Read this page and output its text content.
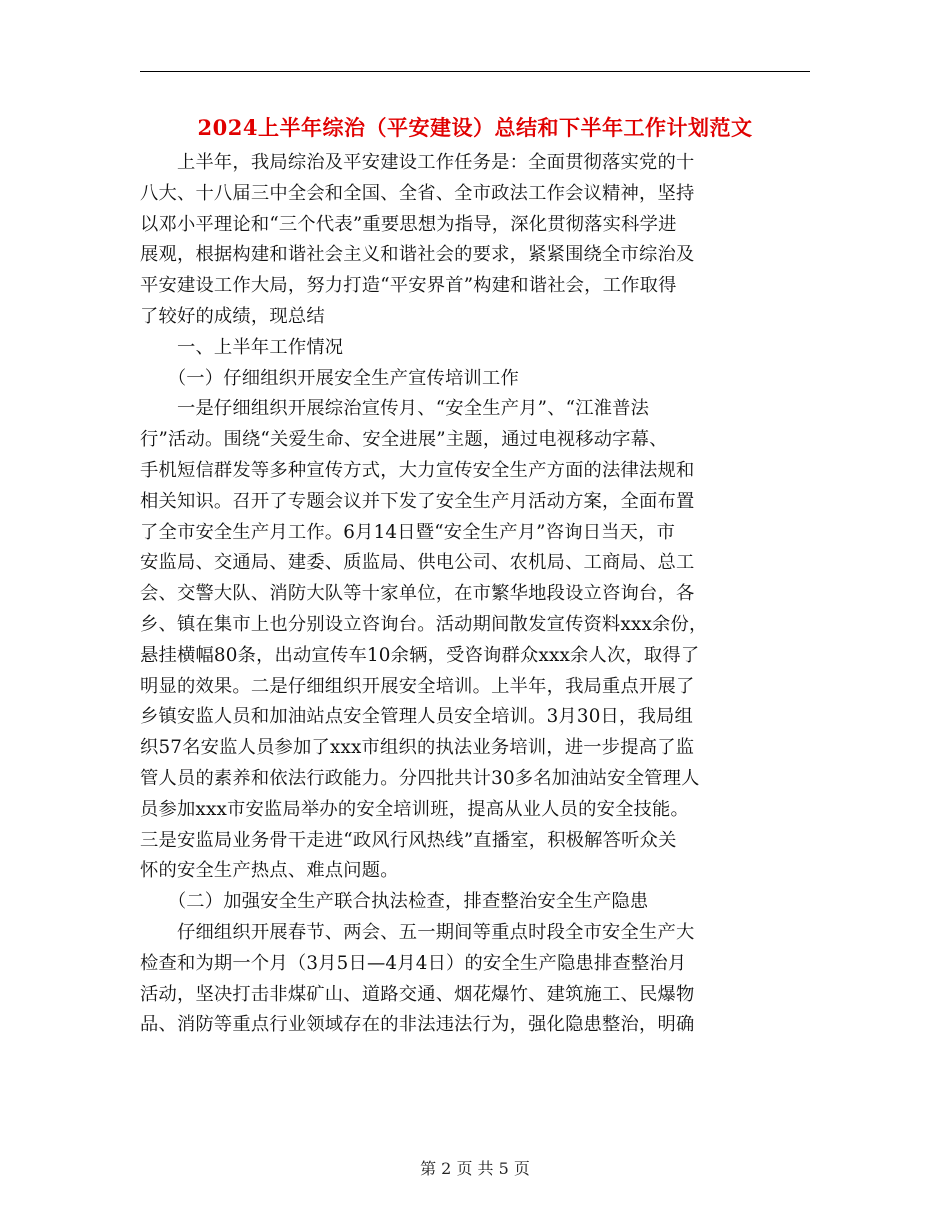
2024上半年综治（平安建设）总结和下半年工作计划范文
　　上半年，我局综治及平安建设工作任务是：全面贯彻落实党的十
八大、十八届三中全会和全国、全省、全市政法工作会议精神，坚持
以邓小平理论和“三个代表”重要思想为指导，深化贯彻落实科学进
展观，根据构建和谐社会主义和谐社会的要求，紧紧围绕全市综治及
平安建设工作大局，努力打造“平安界首”构建和谐社会，工作取得
了较好的成绩，现总结
　　一、上半年工作情况
　　（一）仔细组织开展安全生产宣传培训工作
　　一是仔细组织开展综治宣传月、“安全生产月”、“江淮普法
行”活动。围绕“关爱生命、安全进展”主题，通过电视移动字幕、
手机短信群发等多种宣传方式，大力宣传安全生产方面的法律法规和
相关知识。召开了专题会议并下发了安全生产月活动方案，全面布置
了全市安全生产月工作。6月14日暨“安全生产月”咨询日当天，市
安监局、交通局、建委、质监局、供电公司、农机局、工商局、总工
会、交警大队、消防大队等十家单位，在市繁华地段设立咨询台，各
乡、镇在集市上也分别设立咨询台。活动期间散发宣传资料xxx余份，
悬挂横幅80条，出动宣传车10余辆，受咨询群众xxx余人次，取得了
明显的效果。二是仔细组织开展安全培训。上半年，我局重点开展了
乡镇安监人员和加油站点安全管理人员安全培训。3月30日，我局组
织57名安监人员参加了xxx市组织的执法业务培训，进一步提高了监
管人员的素养和依法行政能力。分四批共计30多名加油站安全管理人
员参加xxx市安监局举办的安全培训班，提高从业人员的安全技能。
三是安监局业务骨干走进“政风行风热线”直播室，积极解答听众关
怀的安全生产热点、难点问题。
　　（二）加强安全生产联合执法检查，排查整治安全生产隐患
　　仔细组织开展春节、两会、五一期间等重点时段全市安全生产大
检查和为期一个月（3月5日—4月4日）的安全生产隐患排查整治月
活动，坚决打击非煤矿山、道路交通、烟花爆竹、建筑施工、民爆物
品、消防等重点行业领域存在的非法违法行为，强化隐患整治，明确
第 2 页 共 5 页
